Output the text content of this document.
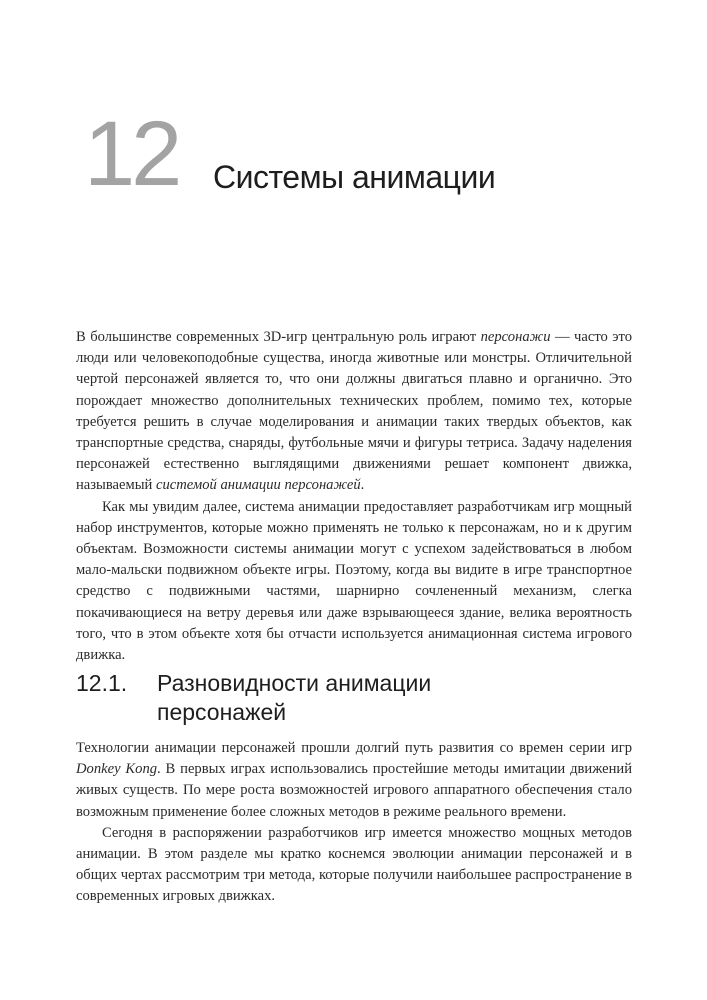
12 Системы анимации

В большинстве современных 3D-игр центральную роль играют персонажи — часто это люди или человекоподобные существа, иногда животные или монстры. Отличительной чертой персонажей является то, что они должны двигаться плавно и органично. Это порождает множество дополнительных технических проблем, помимо тех, которые требуется решить в случае моделирования и анимации таких твердых объектов, как транспортные средства, снаряды, футбольные мячи и фигуры тетриса. Задачу наделения персонажей естественно выглядящими движениями решает компонент движка, называемый системой анимации персонажей.

Как мы увидим далее, система анимации предоставляет разработчикам игр мощный набор инструментов, которые можно применять не только к персонажам, но и к другим объектам. Возможности системы анимации могут с успехом задействоваться в любом мало-мальски подвижном объекте игры. Поэтому, когда вы видите в игре транспортное средство с подвижными частями, шарнирно сочлененный механизм, слегка покачивающиеся на ветру деревья или даже взрывающееся здание, велика вероятность того, что в этом объекте хотя бы отчасти используется анимационная система игрового движка.

12.1.	Разновидности анимации персонажей

Технологии анимации персонажей прошли долгий путь развития со времен серии игр Donkey Kong. В первых играх использовались простейшие методы имитации движений живых существ. По мере роста возможностей игрового аппаратного обеспечения стало возможным применение более сложных методов в режиме реального времени.

Сегодня в распоряжении разработчиков игр имеется множество мощных методов анимации. В этом разделе мы кратко коснемся эволюции анимации персонажей и в общих чертах рассмотрим три метода, которые получили наибольшее распространение в современных игровых движках.
